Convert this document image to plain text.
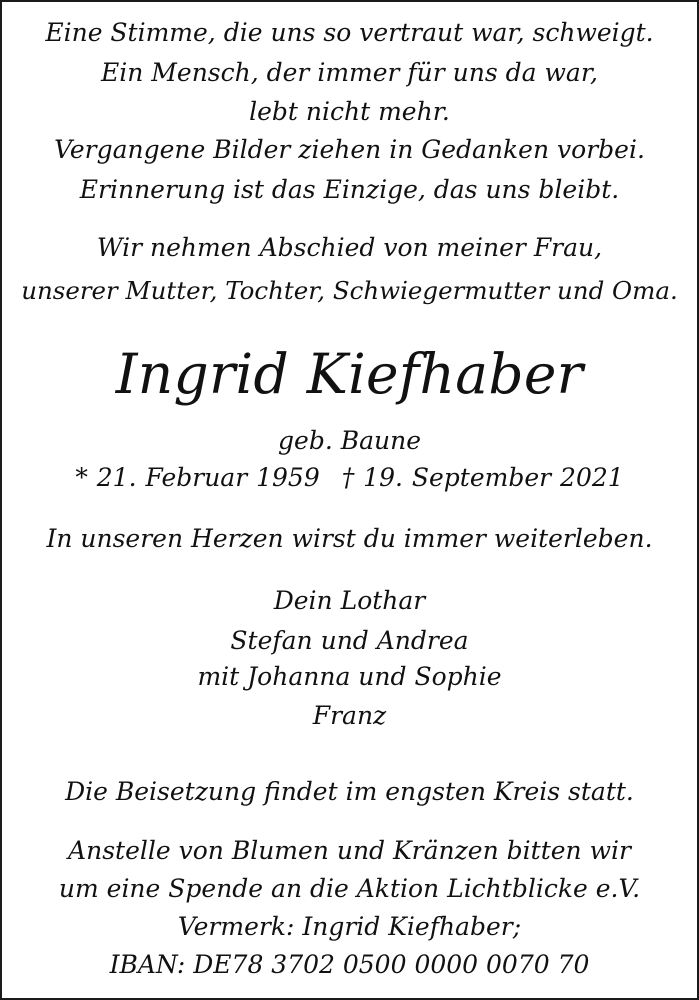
Eine Stimme, die uns so vertraut war, schweigt.

Ein Mensch, der immer für uns da war,

lebt nicht mehr.

Vergangene Bilder ziehen in Gedanken vorbei.

Erinnerung ist das Einzige, das uns bleibt.

Wir nehmen Abschied von meiner Frau,

unserer Mutter, Tochter, Schwiegermutter und Oma.

Ingrid Kiefhaber

geb. Baune

* 21. Februar 1959 † 19. September 2021

In unseren Herzen wirst du immer weiterleben.

Dein Lothar

Stefan und Andrea

mit Johanna und Sophie

Franz

Die Beisetzung findet im engsten Kreis statt.

Anstelle von Blumen und Kränzen bitten wir

um eine Spende an die Aktion Lichtblicke e.V.

Vermerk: Ingrid Kiefhaber;

IBAN: DE78 3702 0500 0000 0070 70
